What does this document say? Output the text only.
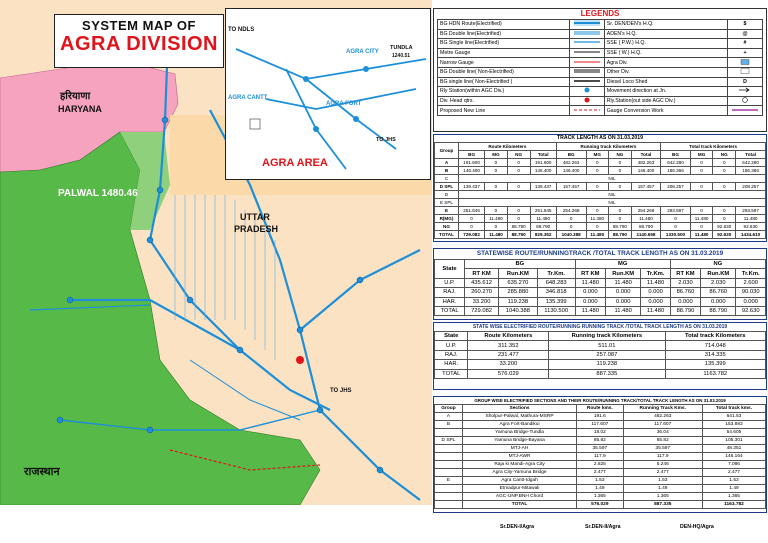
SYSTEM MAP OF
AGRA DIVISION
TO NDLS
TUNDLA
1240.51
AGRA CANTT
AGRA CITY
AGRA FORT
TO JHS
AGRA AREA
हरियाणा
HARYANA
PALWAL 1480.46
UTTAR
PRADESH
राजस्थान
TO JHS
LEGENDS
BG HDN Route(Electrified)		Sr. DEN/DEN's H.Q.	$
BG Double line(Electrified)		ADEN's H.Q.	@
BG Single line(Electrified)		SSE ( P.W.) H.Q.	#
Metre Gauge		SSE ( W.) H.Q.	+
Narrow Gauge		Agra Div.	
BG Double line( Non-Electrified)		Other Div.	
BG single line( Non-Electrified )		Diesel Loco Shed	D
Rly Station(within AGC Div.)		Movement direction at Jn.	
Div. Head qtrs.		Rly.Station(out side AGC Div.)	
Proposed New Line		Gauge Conversion Work	
TRACK LENGTH AS ON 31.03.2019
Group	Route Kilometers				Running track Kilometers				Total track Kilometers			
	BG	MG	NG	Total	BG	MG	NG	Total	BG	MG	NG	Total
A	191.600	0	0	191.600	482.263	0	0	482.263	642.280	0	0	642.280
B	146.400	0	0	146.400	146.400	0	0	146.400	186.366	0	0	186.366
C	NIL											
D SPL	139.437	0	0	139.437	157.457	0	0	157.457	208.257	0	0	208.257
D	NIL											
E SPL	NIL											
E	251.645	0	0	251.645	254.268	0	0	254.268	293.597	0	0	293.597
R(MG)	0	11.480	0	11.480	0	11.480	0	11.480	0	11.480	0	11.480
NG	0	0	88.790	88.790	0	0	88.790	88.790	0	0	92.630	92.630
TOTAL	729.082	11.480	88.790	829.352	1040.388	11.480	88.790	1140.658	1330.500	11.480	92.630	1434.610
STATEWISE ROUTE/RUNNINGTRACK /TOTAL TRACK LENGTH AS ON 31.03.2019
State	BG			MG			NG		
	RT KM	Run.KM	Tr.Km.	RT KM	Run.KM	Tr.Km.	RT KM	Run.KM	Tr.Km.
U.P.	435.612	635.270	648.283	11.480	11.480	11.480	2.030	2.030	2.600
RAJ.	260.270	285.880	346.818	0.000	0.000	0.000	86.760	86.760	90.030
HAR.	33.200	119.238	135.399	0.000	0.000	0.000	0.000	0.000	0.000
TOTAL	729.082	1040.388	1130.500	11.480	11.480	11.480	88.790	88.790	92.630
STATE WISE ELECTRIFIED ROUTE/RUNNING RUNNING TRACK /TOTAL TRACK LENGTH AS ON 31.03.2019
State	Route Kilometers	Running track Kilometers	Total track Kilometers
U.P.	311.352	511.01	714.048
RAJ.	231.477	257.087	314.335
HAR.	33.200	119.238	135.399
TOTAL	576.029	887.335	1163.782
GROUP WISE ELECTRIFIED SECTIONS AND THEIR ROUTE/RUNNING TRACK/TOTAL TRACK LENGTH AS ON 31.03.2019
Group	Sections	Route kms.	Running Track Kms.	Total track kms.
A	Sholpur-Palwal, Mathura-MSRP	191.6	482.263	641.53
B	Agra Fort-Bandikui	117.607	117.607	153.883
	Yamuna Bridge-Tundla	18.02	36.04	54.605
D SPL	Yamuna Bridge-Bayana	85.82	85.82	105.301
	MTJ-AH	35.597	35.597	48.351
	MTJ-AWR	117.9	117.9	146.164
	Raja ki Mandi-Agra City	2.625	5.246	7.086
	Agra City-Yamuna Bridge	2.477	2.477	2.477
E	Agra Cantt-Idgah	1.53	1.53	1.53
	Etmadpur-Mitawali	1.49	1.49	1.49
	AGC-UNP.BNH Chord	1.365	1.365	1.365
	TOTAL	576.029	887.335	1163.782
Sr.DEN-I/Agra	Sr.DEN-II/Agra	DEN-HQ/Agra
